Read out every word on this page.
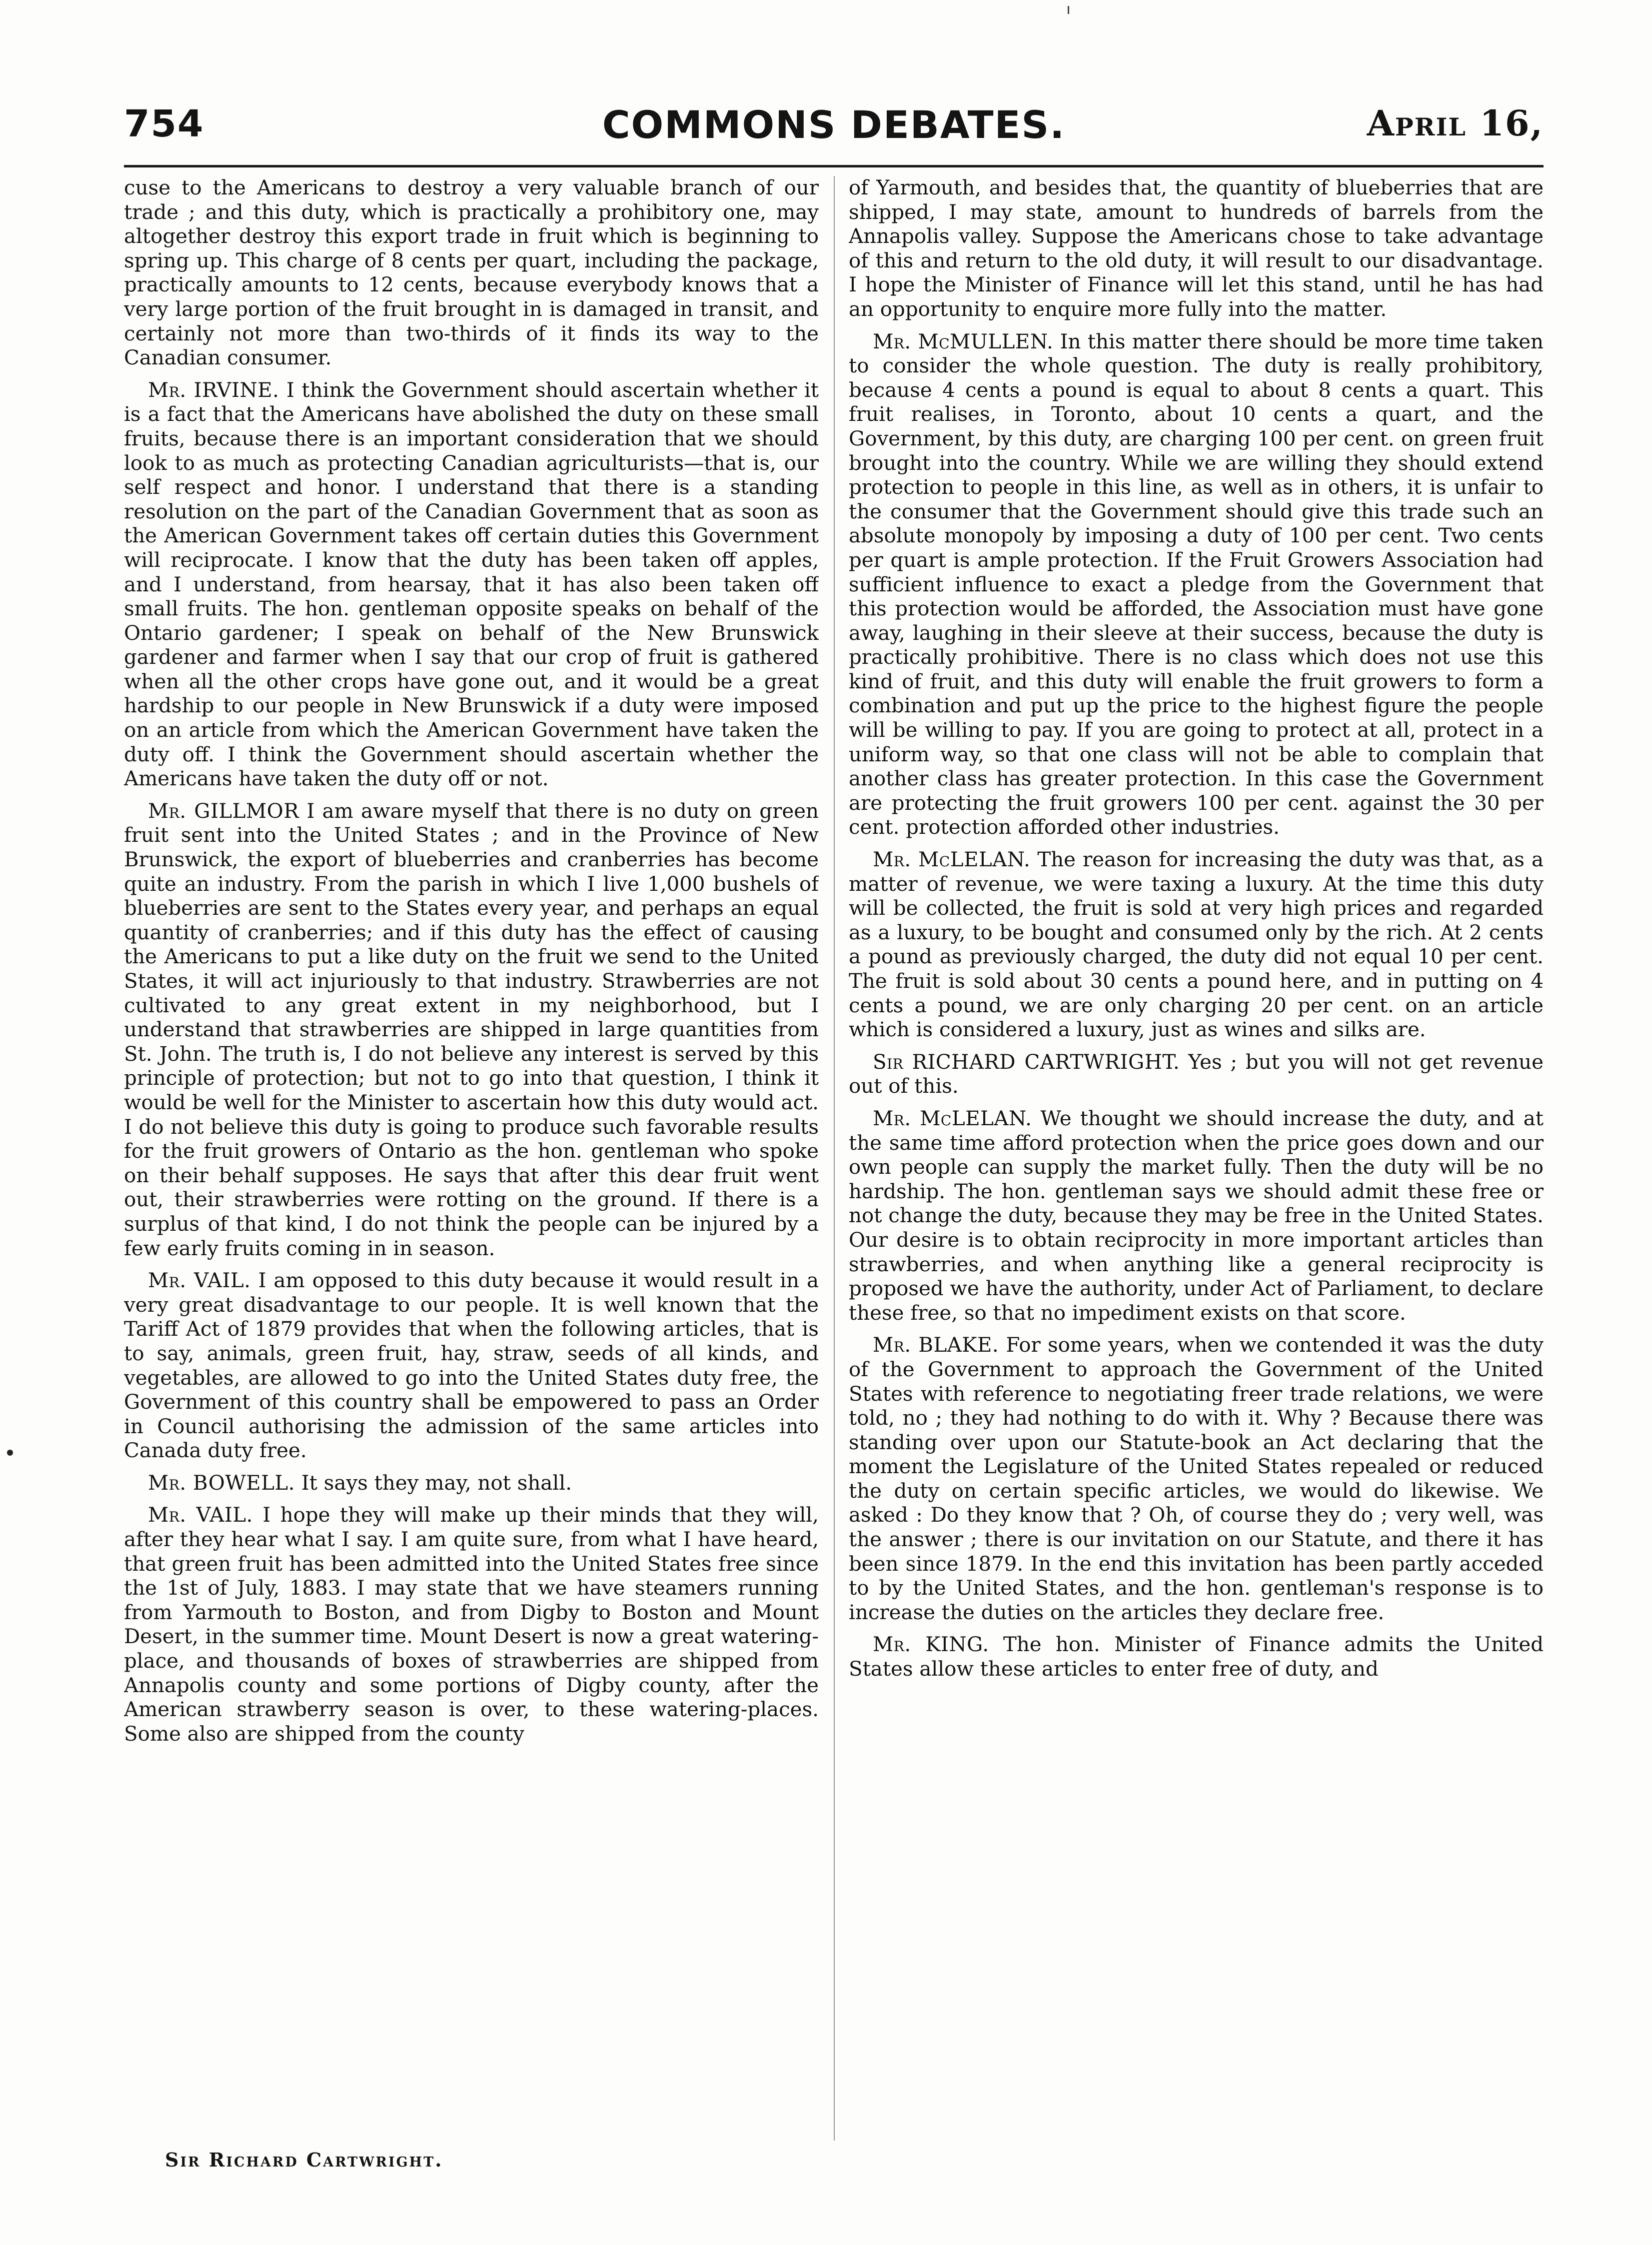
754	COMMONS DEBATES.	April 16,

cuse to the Americans to destroy a very valuable branch of our trade ; and this duty, which is practically a prohibitory one, may altogether destroy this export trade in fruit which is beginning to spring up. This charge of 8 cents per quart, including the package, practically amounts to 12 cents, because everybody knows that a very large portion of the fruit brought in is damaged in transit, and certainly not more than two-thirds of it finds its way to the Canadian consumer.

Mr. IRVINE. I think the Government should ascertain whether it is a fact that the Americans have abolished the duty on these small fruits, because there is an important consideration that we should look to as much as protecting Canadian agriculturists—that is, our self respect and honor. I understand that there is a standing resolution on the part of the Canadian Government that as soon as the American Government takes off certain duties this Government will reciprocate. I know that the duty has been taken off apples, and I understand, from hearsay, that it has also been taken off small fruits. The hon. gentleman opposite speaks on behalf of the Ontario gardener; I speak on behalf of the New Brunswick gardener and farmer when I say that our crop of fruit is gathered when all the other crops have gone out, and it would be a great hardship to our people in New Brunswick if a duty were imposed on an article from which the American Government have taken the duty off. I think the Government should ascertain whether the Americans have taken the duty off or not.

Mr. GILLMOR I am aware myself that there is no duty on green fruit sent into the United States ; and in the Province of New Brunswick, the export of blueberries and cranberries has become quite an industry. From the parish in which I live 1,000 bushels of blueberries are sent to the States every year, and perhaps an equal quantity of cranberries; and if this duty has the effect of causing the Americans to put a like duty on the fruit we send to the United States, it will act injuriously to that industry. Strawberries are not cultivated to any great extent in my neighborhood, but I understand that strawberries are shipped in large quantities from St. John. The truth is, I do not believe any interest is served by this principle of protection; but not to go into that question, I think it would be well for the Minister to ascertain how this duty would act. I do not believe this duty is going to produce such favorable results for the fruit growers of Ontario as the hon. gentleman who spoke on their behalf supposes. He says that after this dear fruit went out, their strawberries were rotting on the ground. If there is a surplus of that kind, I do not think the people can be injured by a few early fruits coming in in season.

Mr. VAIL. I am opposed to this duty because it would result in a very great disadvantage to our people. It is well known that the Tariff Act of 1879 provides that when the following articles, that is to say, animals, green fruit, hay, straw, seeds of all kinds, and vegetables, are allowed to go into the United States duty free, the Government of this country shall be empowered to pass an Order in Council authorising the admission of the same articles into Canada duty free.

Mr. BOWELL. It says they may, not shall.

Mr. VAIL. I hope they will make up their minds that they will, after they hear what I say. I am quite sure, from what I have heard, that green fruit has been admitted into the United States free since the 1st of July, 1883. I may state that we have steamers running from Yarmouth to Boston, and from Digby to Boston and Mount Desert, in the summer time. Mount Desert is now a great watering-place, and thousands of boxes of strawberries are shipped from Annapolis county and some portions of Digby county, after the American strawberry season is over, to these watering-places. Some also are shipped from the county

of Yarmouth, and besides that, the quantity of blueberries that are shipped, I may state, amount to hundreds of barrels from the Annapolis valley. Suppose the Americans chose to take advantage of this and return to the old duty, it will result to our disadvantage. I hope the Minister of Finance will let this stand, until he has had an opportunity to enquire more fully into the matter.

Mr. McMULLEN. In this matter there should be more time taken to consider the whole question. The duty is really prohibitory, because 4 cents a pound is equal to about 8 cents a quart. This fruit realises, in Toronto, about 10 cents a quart, and the Government, by this duty, are charging 100 per cent. on green fruit brought into the country. While we are willing they should extend protection to people in this line, as well as in others, it is unfair to the consumer that the Government should give this trade such an absolute monopoly by imposing a duty of 100 per cent. Two cents per quart is ample protection. If the Fruit Growers Association had sufficient influence to exact a pledge from the Government that this protection would be afforded, the Association must have gone away, laughing in their sleeve at their success, because the duty is practically prohibitive. There is no class which does not use this kind of fruit, and this duty will enable the fruit growers to form a combination and put up the price to the highest figure the people will be willing to pay. If you are going to protect at all, protect in a uniform way, so that one class will not be able to complain that another class has greater protection. In this case the Government are protecting the fruit growers 100 per cent. against the 30 per cent. protection afforded other industries.

Mr. McLELAN. The reason for increasing the duty was that, as a matter of revenue, we were taxing a luxury. At the time this duty will be collected, the fruit is sold at very high prices and regarded as a luxury, to be bought and consumed only by the rich. At 2 cents a pound as previously charged, the duty did not equal 10 per cent. The fruit is sold about 30 cents a pound here, and in putting on 4 cents a pound, we are only charging 20 per cent. on an article which is considered a luxury, just as wines and silks are.

Sir RICHARD CARTWRIGHT. Yes ; but you will not get revenue out of this.

Mr. McLELAN. We thought we should increase the duty, and at the same time afford protection when the price goes down and our own people can supply the market fully. Then the duty will be no hardship. The hon. gentleman says we should admit these free or not change the duty, because they may be free in the United States. Our desire is to obtain reciprocity in more important articles than strawberries, and when anything like a general reciprocity is proposed we have the authority, under Act of Parliament, to declare these free, so that no impediment exists on that score.

Mr. BLAKE. For some years, when we contended it was the duty of the Government to approach the Government of the United States with reference to negotiating freer trade relations, we were told, no ; they had nothing to do with it. Why ? Because there was standing over upon our Statute-book an Act declaring that the moment the Legislature of the United States repealed or reduced the duty on certain specific articles, we would do likewise. We asked : Do they know that ? Oh, of course they do ; very well, was the answer ; there is our invitation on our Statute, and there it has been since 1879. In the end this invitation has been partly acceded to by the United States, and the hon. gentleman's response is to increase the duties on the articles they declare free.

Mr. KING. The hon. Minister of Finance admits the United States allow these articles to enter free of duty, and

Sir Richard Cartwright.
